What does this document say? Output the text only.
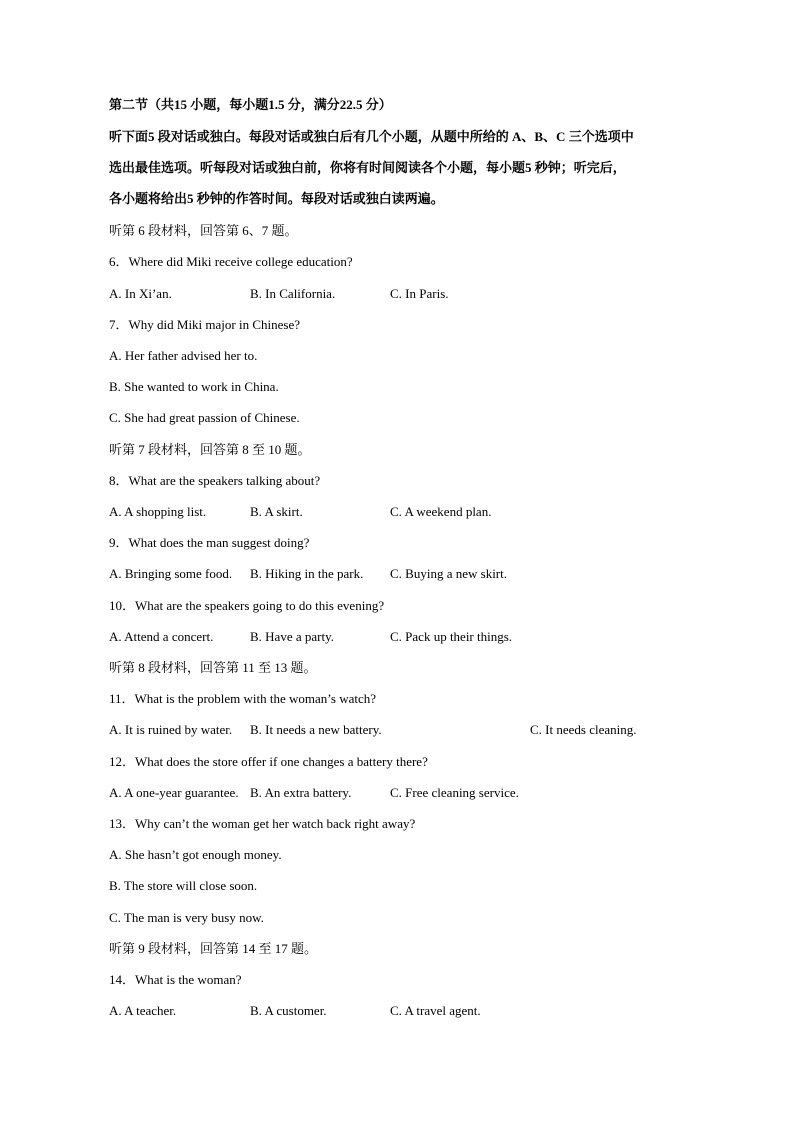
第二节（共15 小题，每小题1.5 分，满分22.5 分）
听下面5 段对话或独白。每段对话或独白后有几个小题，从题中所给的 A、B、C 三个选项中
选出最佳选项。听每段对话或独白前，你将有时间阅读各个小题，每小题5 秒钟；听完后，
各小题将给出5 秒钟的作答时间。每段对话或独白读两遍。
听第 6 段材料，回答第 6、7 题。
6．Where did Miki receive college education?
A. In Xi’an.	B. In California.	C. In Paris.
7．Why did Miki major in Chinese?
A. Her father advised her to.
B. She wanted to work in China.
C. She had great passion of Chinese.
听第 7 段材料，回答第 8 至 10 题。
8．What are the speakers talking about?
A. A shopping list.	B. A skirt.	C. A weekend plan.
9．What does the man suggest doing?
A. Bringing some food. B. Hiking in the park. C. Buying a new skirt.
10．What are the speakers going to do this evening?
A. Attend a concert.	B. Have a party.	C. Pack up their things.
听第 8 段材料，回答第 11 至 13 题。
11．What is the problem with the woman’s watch?
A. It is ruined by water. B. It needs a new battery.	C. It needs cleaning.
12．What does the store offer if one changes a battery there?
A. A one-year guarantee. B. An extra battery.	C. Free cleaning service.
13．Why can’t the woman get her watch back right away?
A. She hasn’t got enough money.
B. The store will close soon.
C. The man is very busy now.
听第 9 段材料，回答第 14 至 17 题。
14．What is the woman?
A. A teacher.	B. A customer.	C. A travel agent.
